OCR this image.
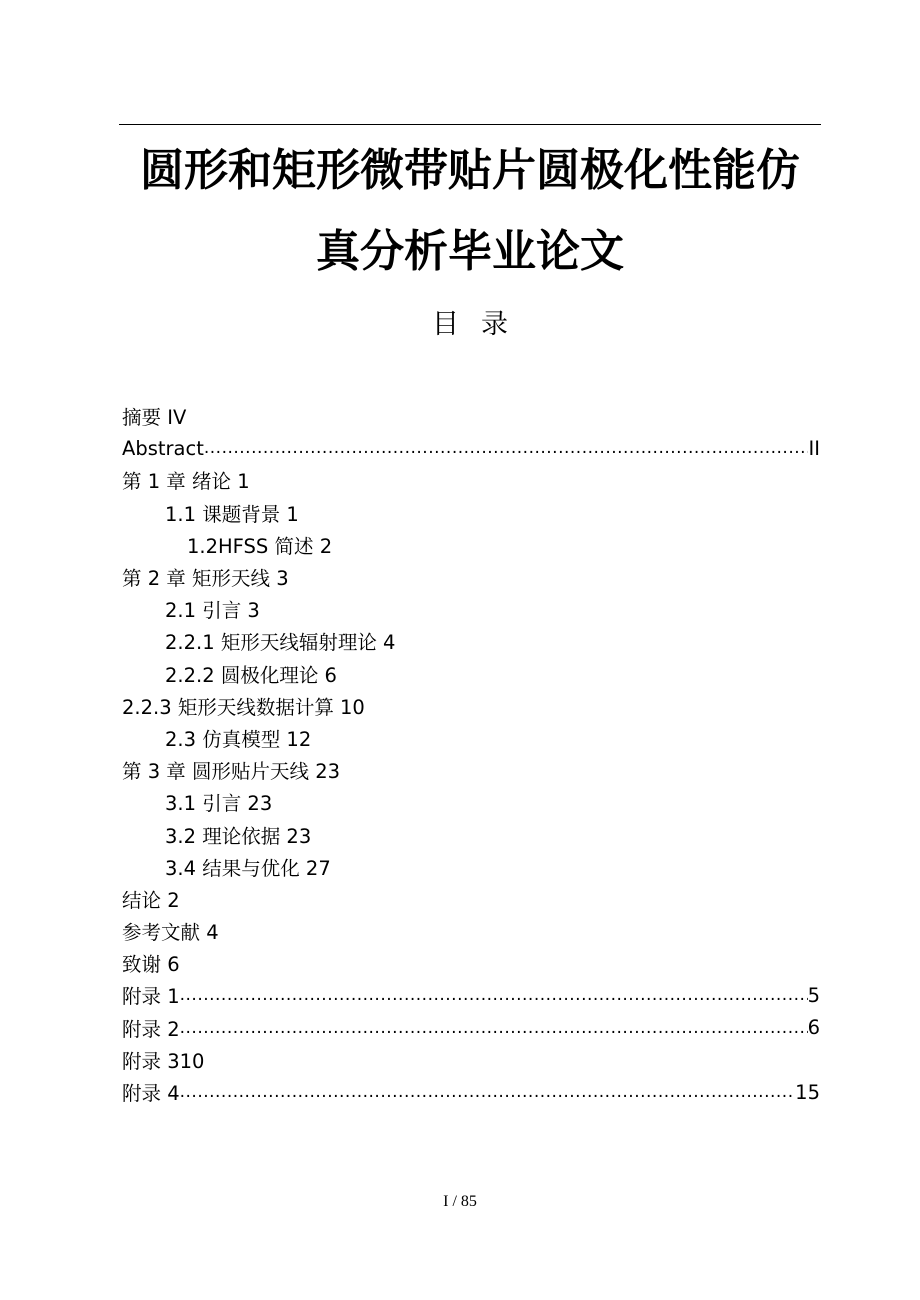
圆形和矩形微带贴片圆极化性能仿
真分析毕业论文
目 录
摘要 IV
Abstract .....	II
第 1 章 绪论 1
1.1 课题背景 1
1.2HFSS 简述 2
第 2 章 矩形天线 3
2.1 引言 3
2.2.1 矩形天线辐射理论 4
2.2.2 圆极化理论 6
2.2.3 矩形天线数据计算 10
2.3 仿真模型 12
第 3 章 圆形贴片天线 23
3.1 引言 23
3.2 理论依据 23
3.4 结果与优化 27
结论 2
参考文献 4
致谢 6
附录 1 .....	5
附录 2 .....	6
附录 310
附录 4 .....	15
I / 85
